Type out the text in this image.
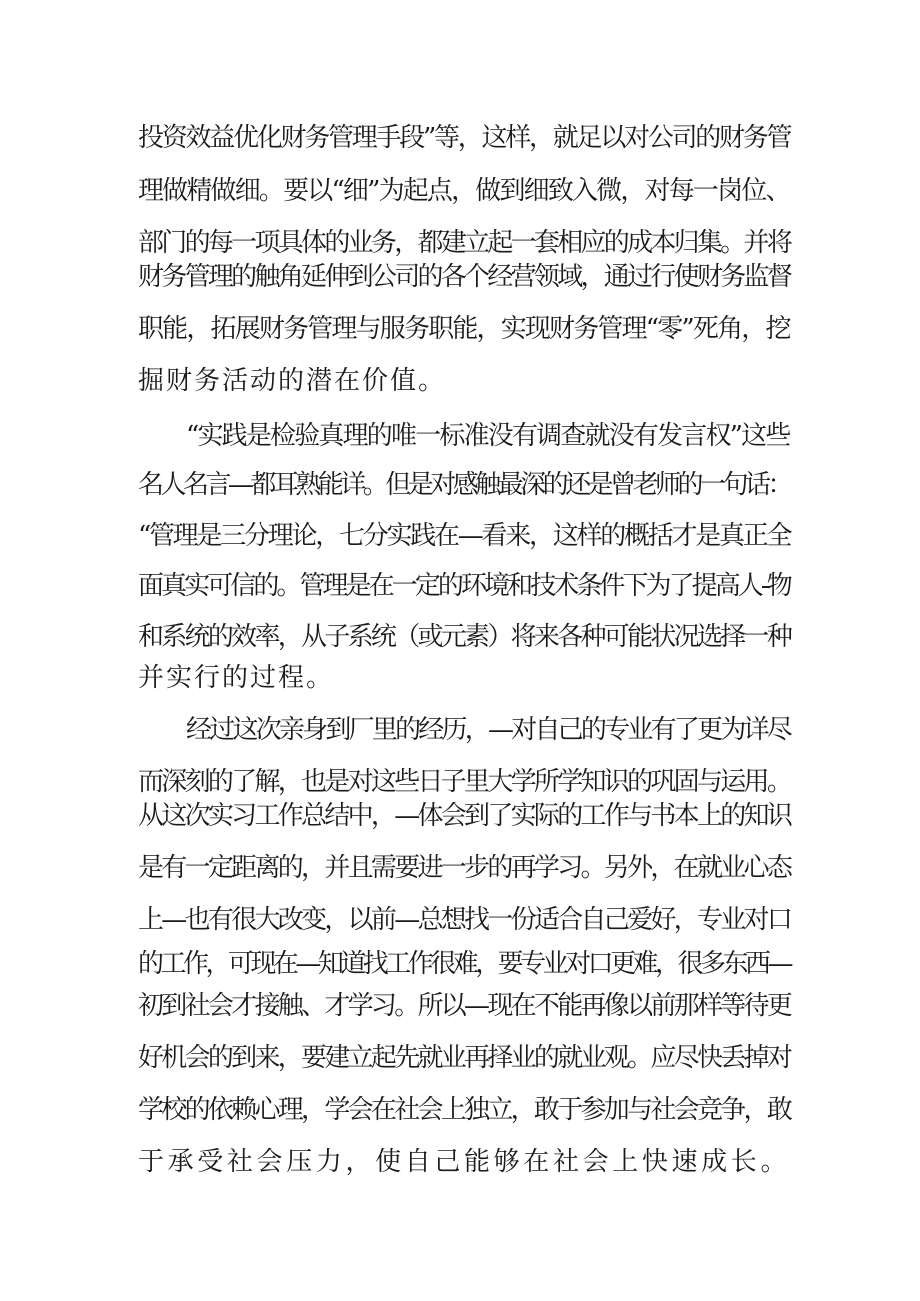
投资效益优化财务管理手段”等，这样，就足以对公司的财务管
理做精做细。要以“细”为起点，做到细致入微，对每一岗位、
部门的每一项具体的业务，都建立起一套相应的成本归集。并将
财务管理的触角延伸到公司的各个经营领域，通过行使财务监督
职能，拓展财务管理与服务职能，实现财务管理“零”死角，挖
掘财务活动的潜在价值。
“实践是检验真理的唯一标准没有调查就没有发言权”这些
名人名言—都耳熟能详。但是对感触最深的还是曾老师的一句话：
“管理是三分理论，七分实践在—看来，这样的概括才是真正全
面真实可信的。管理是在一定的环境和技术条件下为了提高人-物
和系统的效率，从子系统（或元素）将来各种可能状况选择一种
并实行的过程。
经过这次亲身到厂里的经历，—对自己的专业有了更为详尽
而深刻的了解，也是对这些日子里大学所学知识的巩固与运用。
从这次实习工作总结中，—体会到了实际的工作与书本上的知识
是有一定距离的，并且需要进一步的再学习。另外，在就业心态
上—也有很大改变，以前—总想找一份适合自己爱好，专业对口
的工作，可现在—知道找工作很难，要专业对口更难，很多东西—
初到社会才接触、才学习。所以—现在不能再像以前那样等待更
好机会的到来，要建立起先就业再择业的就业观。应尽快丢掉对
学校的依赖心理，学会在社会上独立，敢于参加与社会竞争，敢
于承受社会压力，使自己能够在社会上快速成长。
